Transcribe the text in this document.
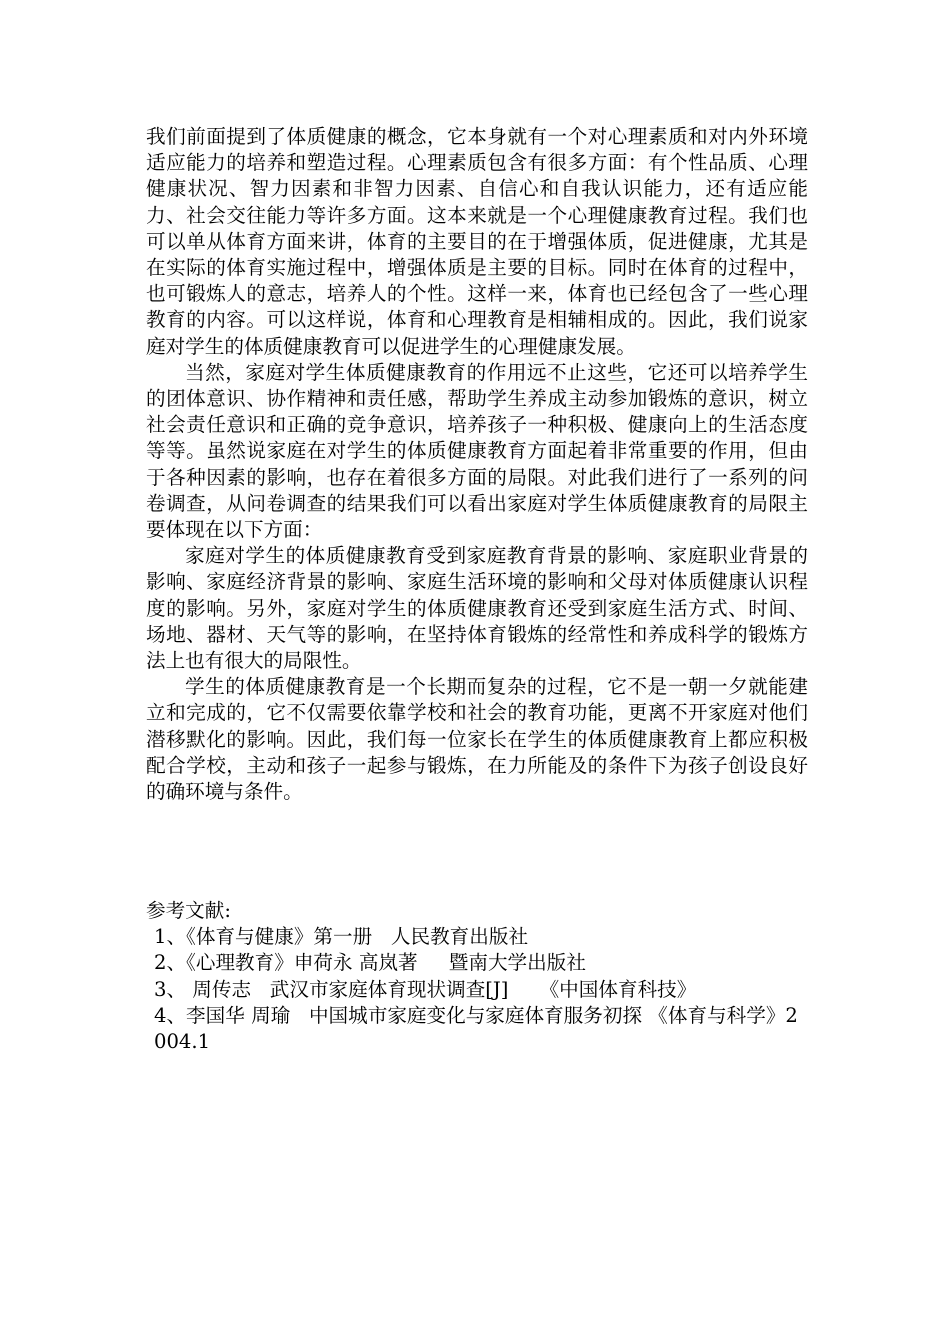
我们前面提到了体质健康的概念，它本身就有一个对心理素质和对内外环境适应能力的培养和塑造过程。心理素质包含有很多方面：有个性品质、心理健康状况、智力因素和非智力因素、自信心和自我认识能力，还有适应能力、社会交往能力等许多方面。这本来就是一个心理健康教育过程。我们也可以单从体育方面来讲，体育的主要目的在于增强体质，促进健康，尤其是在实际的体育实施过程中，增强体质是主要的目标。同时在体育的过程中，也可锻炼人的意志，培养人的个性。这样一来，体育也已经包含了一些心理教育的内容。可以这样说，体育和心理教育是相辅相成的。因此，我们说家庭对学生的体质健康教育可以促进学生的心理健康发展。

当然，家庭对学生体质健康教育的作用远不止这些，它还可以培养学生的团体意识、协作精神和责任感，帮助学生养成主动参加锻炼的意识，树立社会责任意识和正确的竞争意识，培养孩子一种积极、健康向上的生活态度等等。虽然说家庭在对学生的体质健康教育方面起着非常重要的作用，但由于各种因素的影响，也存在着很多方面的局限。对此我们进行了一系列的问卷调查，从问卷调查的结果我们可以看出家庭对学生体质健康教育的局限主要体现在以下方面：

家庭对学生的体质健康教育受到家庭教育背景的影响、家庭职业背景的影响、家庭经济背景的影响、家庭生活环境的影响和父母对体质健康认识程度的影响。另外，家庭对学生的体质健康教育还受到家庭生活方式、时间、场地、器材、天气等的影响，在坚持体育锻炼的经常性和养成科学的锻炼方法上也有很大的局限性。

学生的体质健康教育是一个长期而复杂的过程，它不是一朝一夕就能建立和完成的，它不仅需要依靠学校和社会的教育功能，更离不开家庭对他们潜移默化的影响。因此，我们每一位家长在学生的体质健康教育上都应积极配合学校，主动和孩子一起参与锻炼，在力所能及的条件下为孩子创设良好的确环境与条件。

参考文献:

1、《体育与健康》第一册   人民教育出版社

2、《心理教育》申荷永 高岚著     暨南大学出版社

3、 周传志   武汉市家庭体育现状调查[J]     《中国体育科技》

4、李国华 周瑜   中国城市家庭变化与家庭体育服务初探 《体育与科学》2004.1
